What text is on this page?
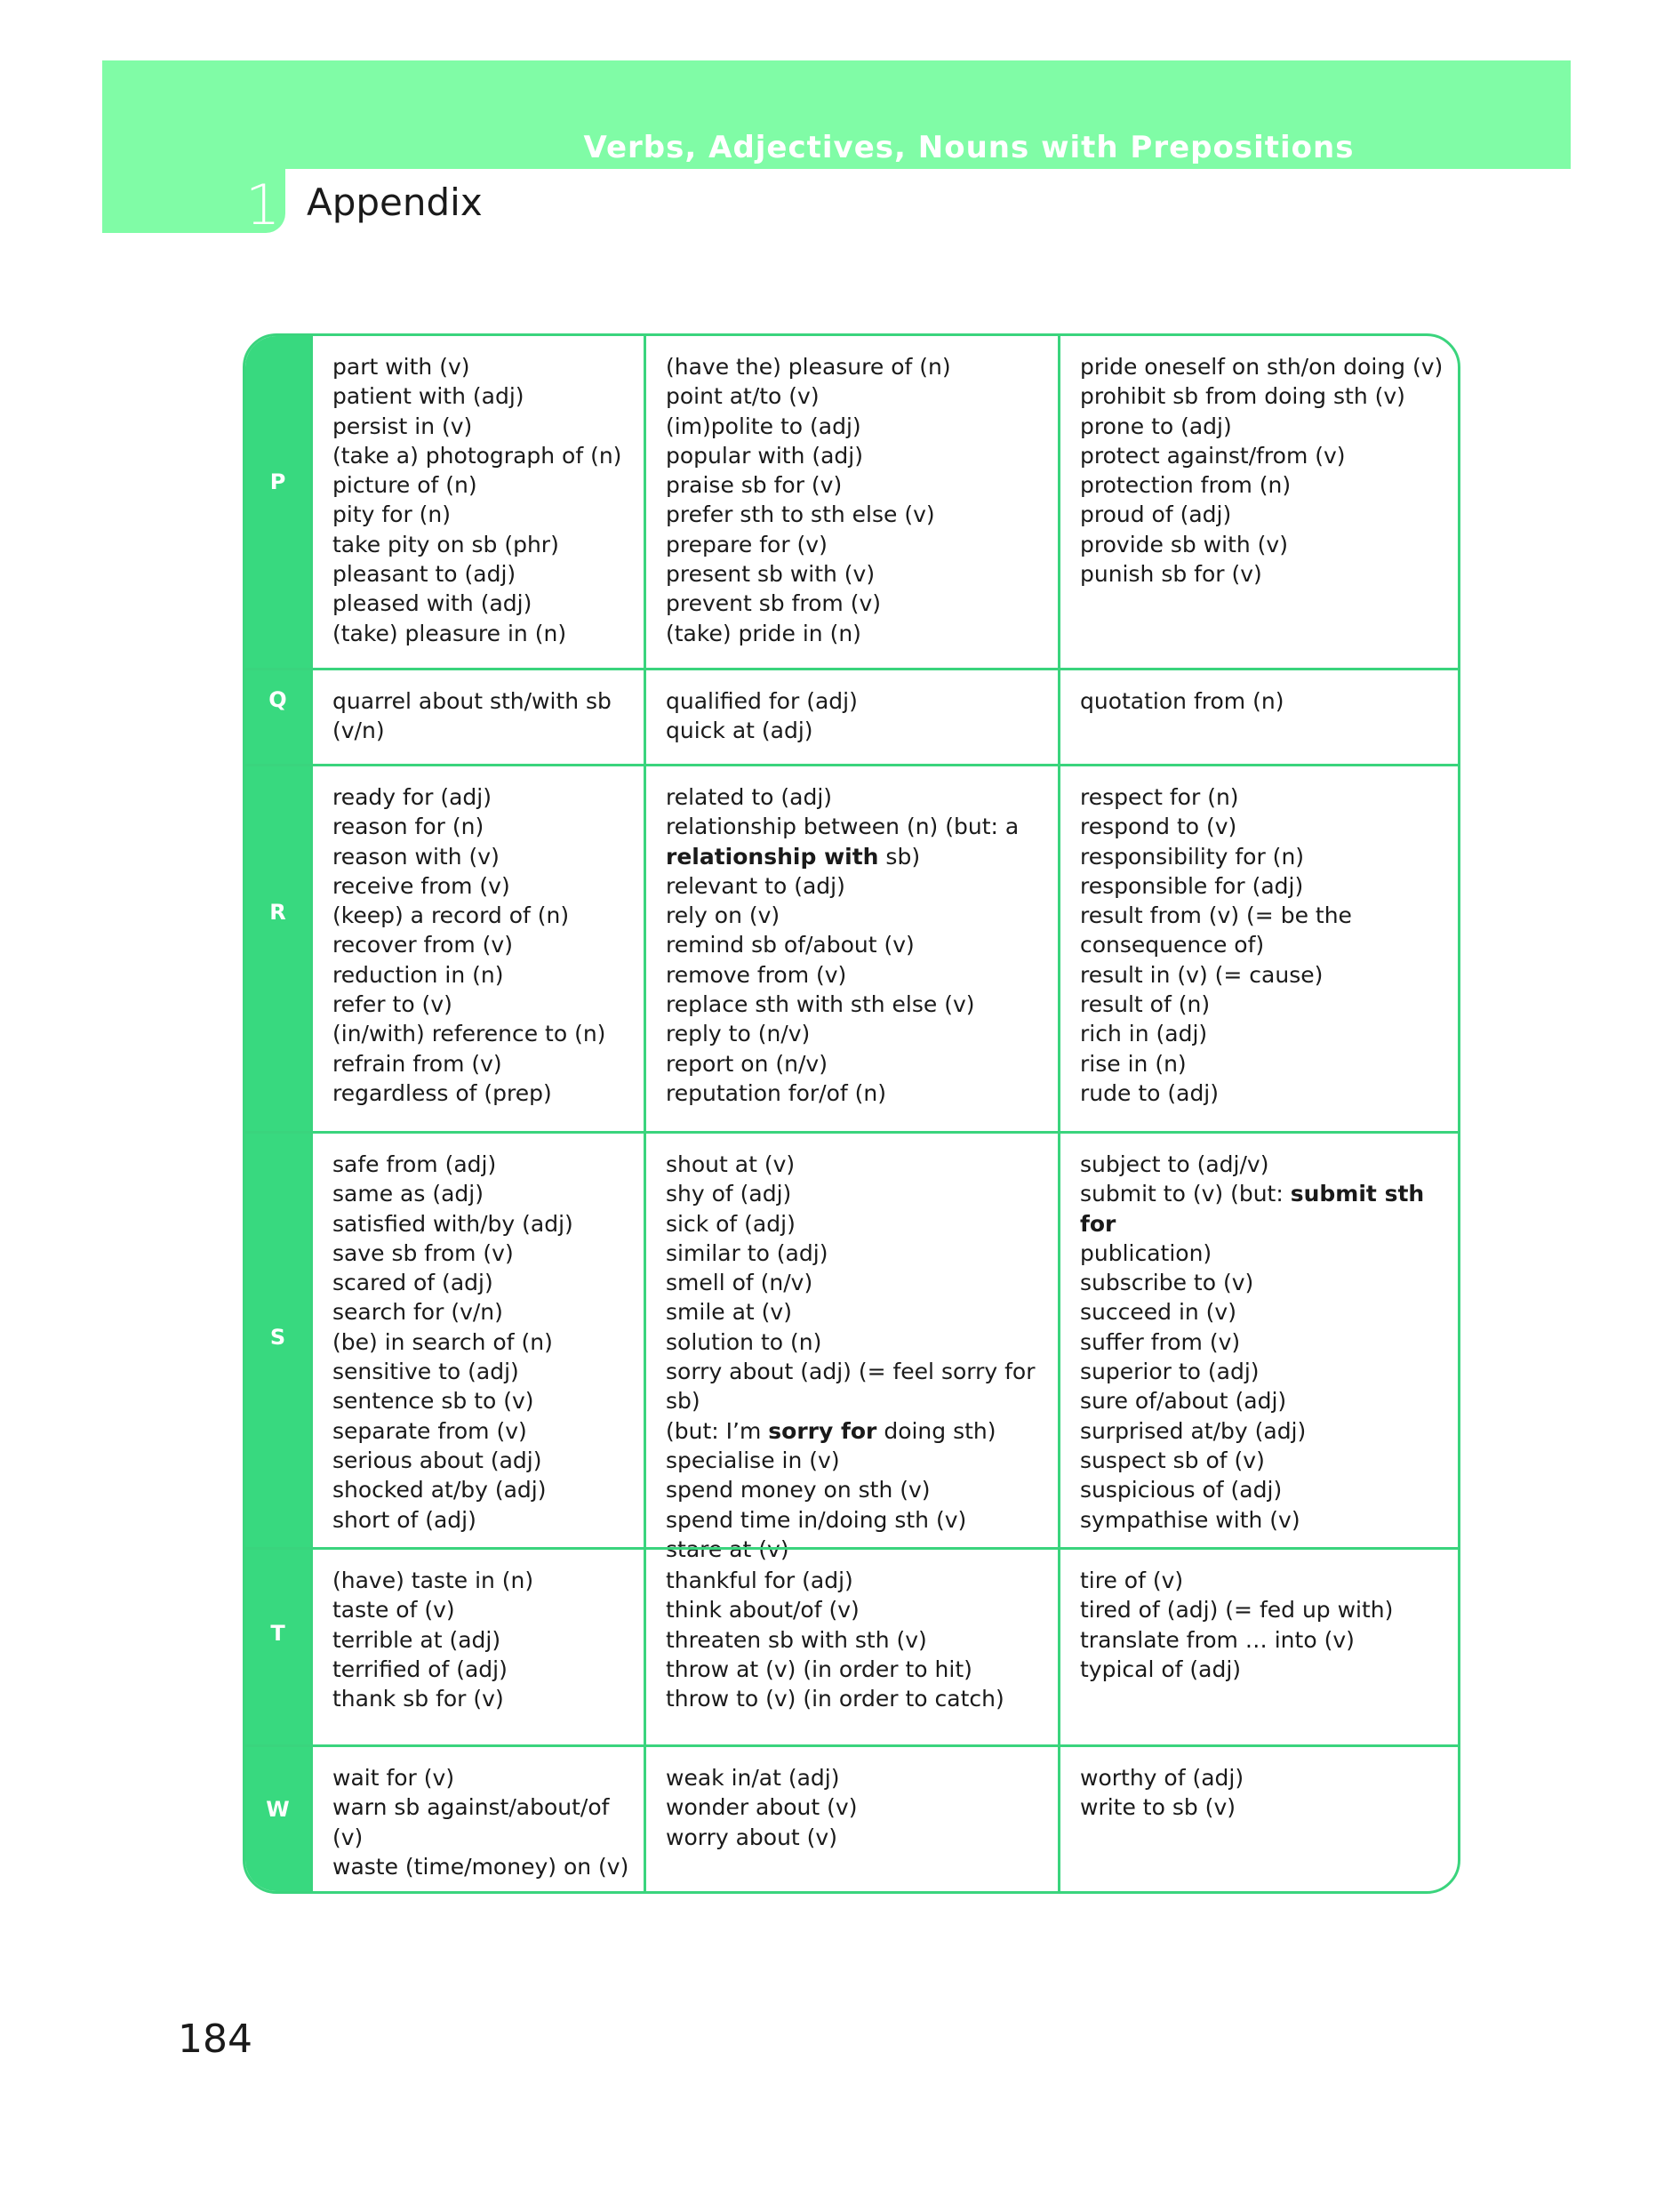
Verbs, Adjectives, Nouns with Prepositions
1 Appendix
P
part with (v)
patient with (adj)
persist in (v)
(take a) photograph of (n)
picture of (n)
pity for (n)
take pity on sb (phr)
pleasant to (adj)
pleased with (adj)
(take) pleasure in (n)
(have the) pleasure of (n)
point at/to (v)
(im)polite to (adj)
popular with (adj)
praise sb for (v)
prefer sth to sth else (v)
prepare for (v)
present sb with (v)
prevent sb from (v)
(take) pride in (n)
pride oneself on sth/on doing (v)
prohibit sb from doing sth (v)
prone to (adj)
protect against/from (v)
protection from (n)
proud of (adj)
provide sb with (v)
punish sb for (v)
Q	quarrel about sth/with sb
(v/n)
qualified for (adj)
quick at (adj)
quotation from (n)
R
ready for (adj)
reason for (n)
reason with (v)
receive from (v)
(keep) a record of (n)
recover from (v)
reduction in (n)
refer to (v)
(in/with) reference to (n)
refrain from (v)
regardless of (prep)
related to (adj)
relationship between (n) (but: a
relationship with sb)
relevant to (adj)
rely on (v)
remind sb of/about (v)
remove from (v)
replace sth with sth else (v)
reply to (n/v)
report on (n/v)
reputation for/of (n)
respect for (n)
respond to (v)
responsibility for (n)
responsible for (adj)
result from (v) (= be the
consequence of)
result in (v) (= cause)
result of (n)
rich in (adj)
rise in (n)
rude to (adj)
S
safe from (adj)
same as (adj)
satisfied with/by (adj)
save sb from (v)
scared of (adj)
search for (v/n)
(be) in search of (n)
sensitive to (adj)
sentence sb to (v)
separate from (v)
serious about (adj)
shocked at/by (adj)
short of (adj)
shout at (v)
shy of (adj)
sick of (adj)
similar to (adj)
smell of (n/v)
smile at (v)
solution to (n)
sorry about (adj) (= feel sorry for sb)
(but: I’m sorry for doing sth)
specialise in (v)
spend money on sth (v)
spend time in/doing sth (v)
stare at (v)
subject to (adj/v)
submit to (v) (but: submit sth for
publication)
subscribe to (v)
succeed in (v)
suffer from (v)
superior to (adj)
sure of/about (adj)
surprised at/by (adj)
suspect sb of (v)
suspicious of (adj)
sympathise with (v)
T
(have) taste in (n)
taste of (v)
terrible at (adj)
terrified of (adj)
thank sb for (v)
thankful for (adj)
think about/of (v)
threaten sb with sth (v)
throw at (v) (in order to hit)
throw to (v) (in order to catch)
tire of (v)
tired of (adj) (= fed up with)
translate from … into (v)
typical of (adj)
W
wait for (v)
warn sb against/about/of (v)
waste (time/money) on (v)
weak in/at (adj)
wonder about (v)
worry about (v)
worthy of (adj)
write to sb (v)
184
